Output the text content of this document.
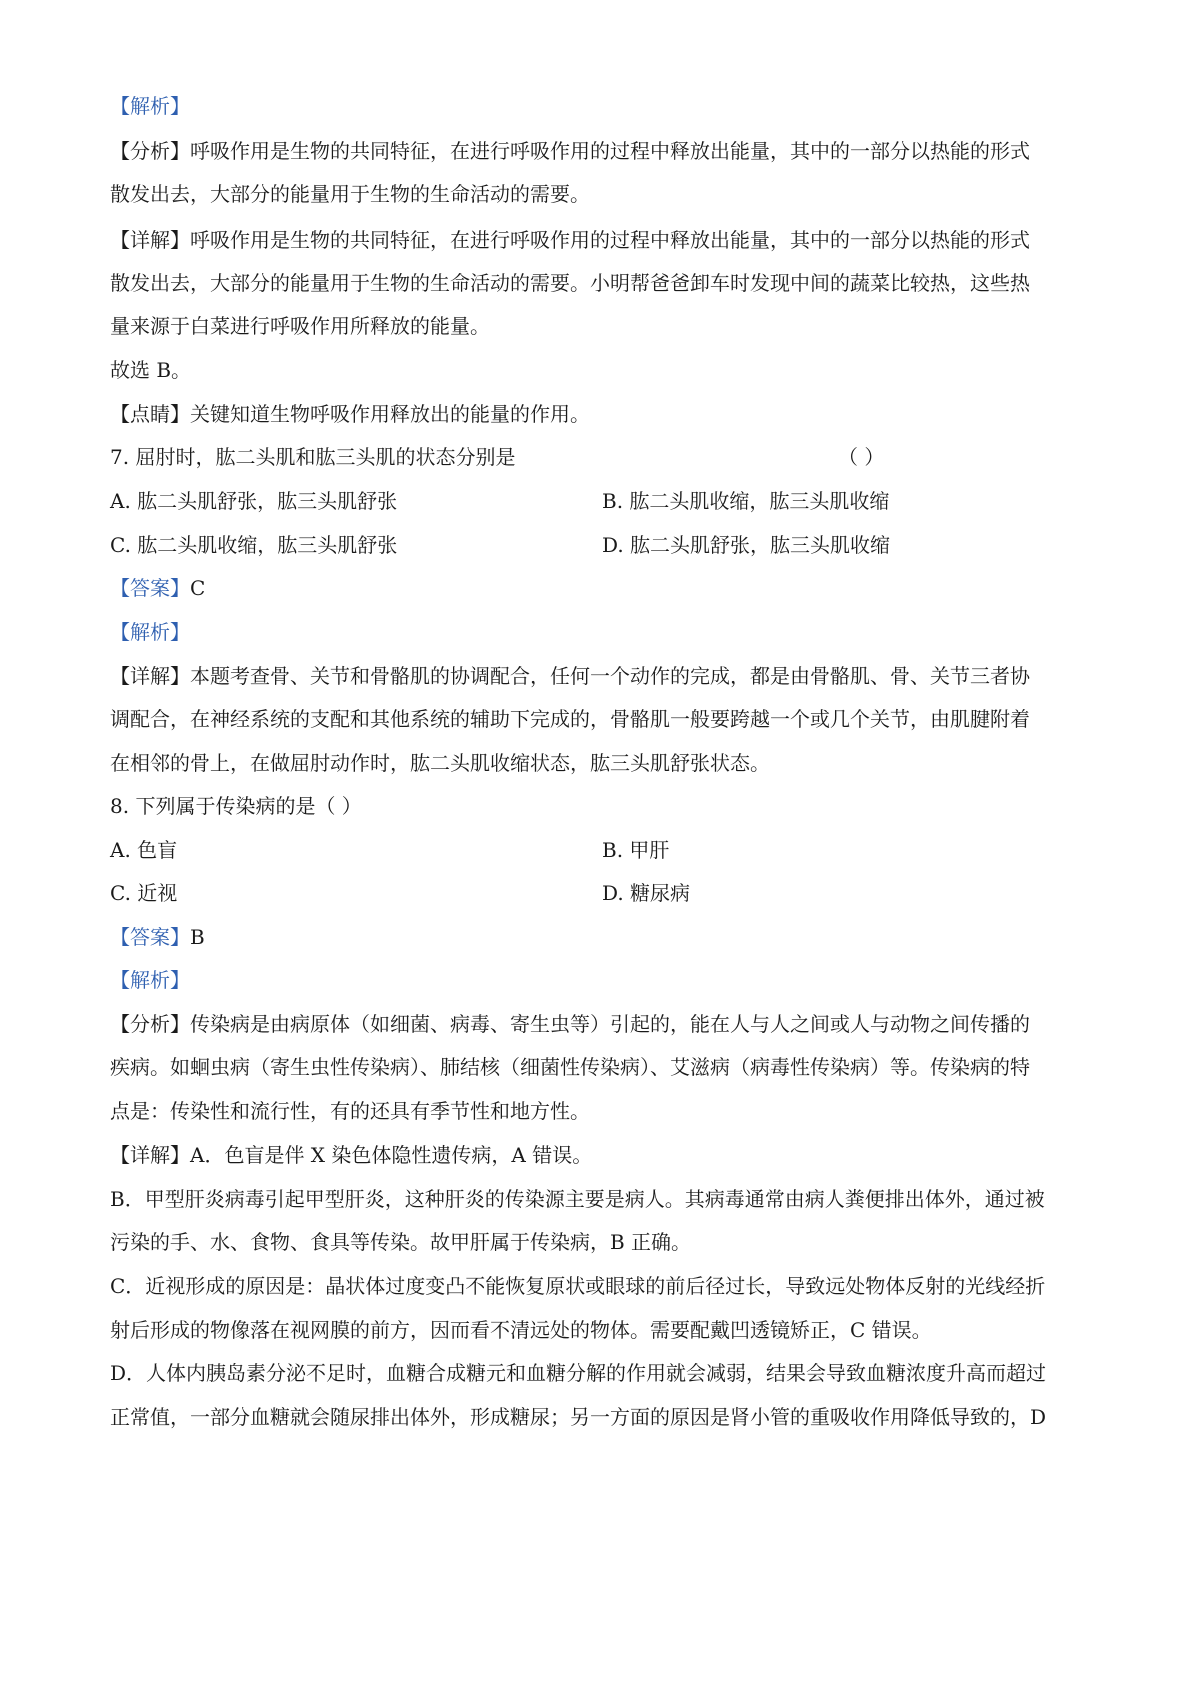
【解析】
【分析】呼吸作用是生物的共同特征，在进行呼吸作用的过程中释放出能量，其中的一部分以热能的形式
散发出去，大部分的能量用于生物的生命活动的需要。
【详解】呼吸作用是生物的共同特征，在进行呼吸作用的过程中释放出能量，其中的一部分以热能的形式
散发出去，大部分的能量用于生物的生命活动的需要。小明帮爸爸卸车时发现中间的蔬菜比较热，这些热
量来源于白菜进行呼吸作用所释放的能量。
故选 B。
【点睛】关键知道生物呼吸作用释放出的能量的作用。
7. 屈肘时，肱二头肌和肱三头肌的状态分别是	（ ）
A. 肱二头肌舒张，肱三头肌舒张	B. 肱二头肌收缩，肱三头肌收缩
C. 肱二头肌收缩，肱三头肌舒张	D. 肱二头肌舒张，肱三头肌收缩
【答案】C
【解析】
【详解】本题考查骨、关节和骨骼肌的协调配合，任何一个动作的完成，都是由骨骼肌、骨、关节三者协
调配合，在神经系统的支配和其他系统的辅助下完成的，骨骼肌一般要跨越一个或几个关节，由肌腱附着
在相邻的骨上，在做屈肘动作时，肱二头肌收缩状态，肱三头肌舒张状态。
8. 下列属于传染病的是（ ）
A. 色盲	B. 甲肝
C. 近视	D. 糖尿病
【答案】B
【解析】
【分析】传染病是由病原体（如细菌、病毒、寄生虫等）引起的，能在人与人之间或人与动物之间传播的
疾病。如蛔虫病（寄生虫性传染病）、肺结核（细菌性传染病）、艾滋病（病毒性传染病）等。传染病的特
点是：传染性和流行性，有的还具有季节性和地方性。
【详解】A．色盲是伴 X 染色体隐性遗传病，A 错误。
B．甲型肝炎病毒引起甲型肝炎，这种肝炎的传染源主要是病人。其病毒通常由病人粪便排出体外，通过被
污染的手、水、食物、食具等传染。故甲肝属于传染病，B 正确。
C．近视形成的原因是：晶状体过度变凸不能恢复原状或眼球的前后径过长，导致远处物体反射的光线经折
射后形成的物像落在视网膜的前方，因而看不清远处的物体。需要配戴凹透镜矫正，C 错误。
D．人体内胰岛素分泌不足时，血糖合成糖元和血糖分解的作用就会减弱，结果会导致血糖浓度升高而超过
正常值，一部分血糖就会随尿排出体外，形成糖尿；另一方面的原因是肾小管的重吸收作用降低导致的，D
